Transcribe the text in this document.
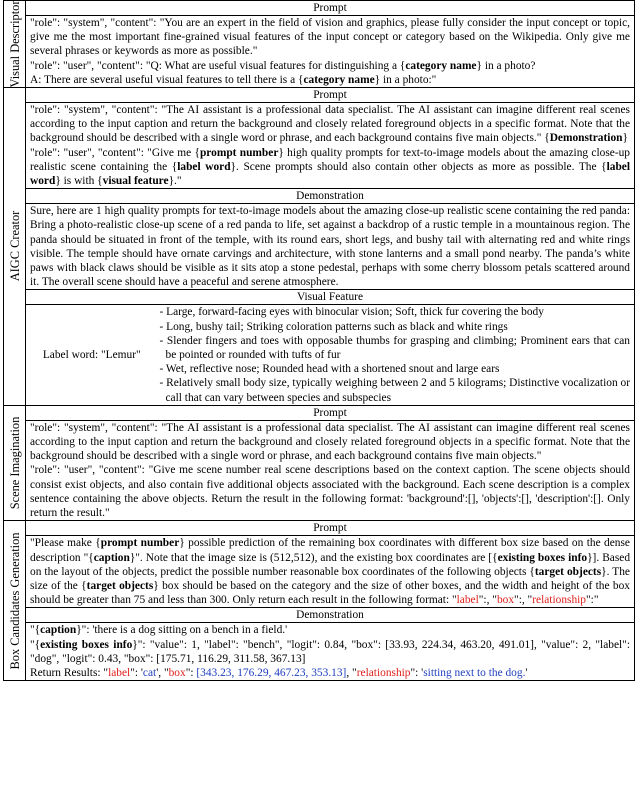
Visual Descriptor	Prompt	

	"role": "system", "content": "You are an expert in the field of vision and graphics, please fully consider the input concept or topic, give me the most important fine-grained visual features of the input concept or category based on the Wikipedia. Only give me several phrases or keywords as more as possible."

"role": "user", "content": "Q: What are useful visual features for distinguishing a {category name} in a photo?

A: There are several useful visual features to tell there is a {category name} in a photo:"	

AIGC Creator	Prompt	

	"role": "system", "content": "The AI assistant is a professional data specialist. The AI assistant can imagine different real scenes according to the input caption and return the background and closely related foreground objects in a specific format. Note that the background should be described with a single word or phrase, and each background contains five main objects." {Demonstration}

"role": "user", "content": "Give me {prompt number} high quality prompts for text-to-image models about the amazing close-up realistic scene containing the {label word}. Scene prompts should also contain other objects as more as possible. The {label word} is with {visual feature}."	

	Demonstration	

	Sure, here are 1 high quality prompts for text-to-image models about the amazing close-up realistic scene containing the red panda: Bring a photo-realistic close-up scene of a red panda to life, set against a backdrop of a rustic temple in a mountainous region. The panda should be situated in front of the temple, with its round ears, short legs, and bushy tail with alternating red and white rings visible. The temple should have ornate carvings and architecture, with stone lanterns and a small pond nearby. The panda’s white paws with black claws should be visible as it sits atop a stone pedestal, perhaps with some cherry blossom petals scattered around it. The overall scene should have a peaceful and serene atmosphere.	

	Visual Feature	
	Label word: "Lemur"	- Large, forward-facing eyes with binocular vision; Soft, thick fur covering the body

- Long, bushy tail; Striking coloration patterns such as black and white rings

- Slender fingers and toes with opposable thumbs for grasping and climbing; Prominent ears that can be pointed or rounded with tufts of fur

- Wet, reflective nose; Rounded head with a shortened snout and large ears

- Relatively small body size, typically weighing between 2 and 5 kilograms; Distinctive vocalization or call that can vary between species and subspecies

Scene Imagination	Prompt	

	"role": "system", "content": "The AI assistant is a professional data specialist. The AI assistant can imagine different real scenes according to the input caption and return the background and closely related foreground objects in a specific format. Note that the background should be described with a single word or phrase, and each background contains five main objects."

"role": "user", "content": "Give me scene number real scene descriptions based on the context caption. The scene objects should consist exist objects, and also contain five additional objects associated with the background. Each scene description is a complex sentence containing the above objects. Return the result in the following format: 'background':[], 'objects':[], 'description':[]. Only return the result."	

Box Candidates Generation	Prompt	

	"Please make {prompt number} possible prediction of the remaining box coordinates with different box size based on the dense description "{caption}". Note that the image size is (512,512), and the existing box coordinates are [{existing boxes info}]. Based on the layout of the objects, predict the possible number reasonable box coordinates of the following objects {target objects}. The size of the {target objects} box should be based on the category and the size of other boxes, and the width and height of the box should be greater than 75 and less than 300. Only return each result in the following format: "label":, "box":, "relationship":"	

	Demonstration	

	"{caption}": 'there is a dog sitting on a bench in a field.'

"{existing boxes info}": "value": 1, "label": "bench", "logit": 0.84, "box": [33.93, 224.34, 463.20, 491.01], "value": 2, "label": "dog", "logit": 0.43, "box": [175.71, 116.29, 311.58, 367.13]

Return Results: "label": 'cat', "box": [343.23, 176.29, 467.23, 353.13], "relationship": 'sitting next to the dog.'	
